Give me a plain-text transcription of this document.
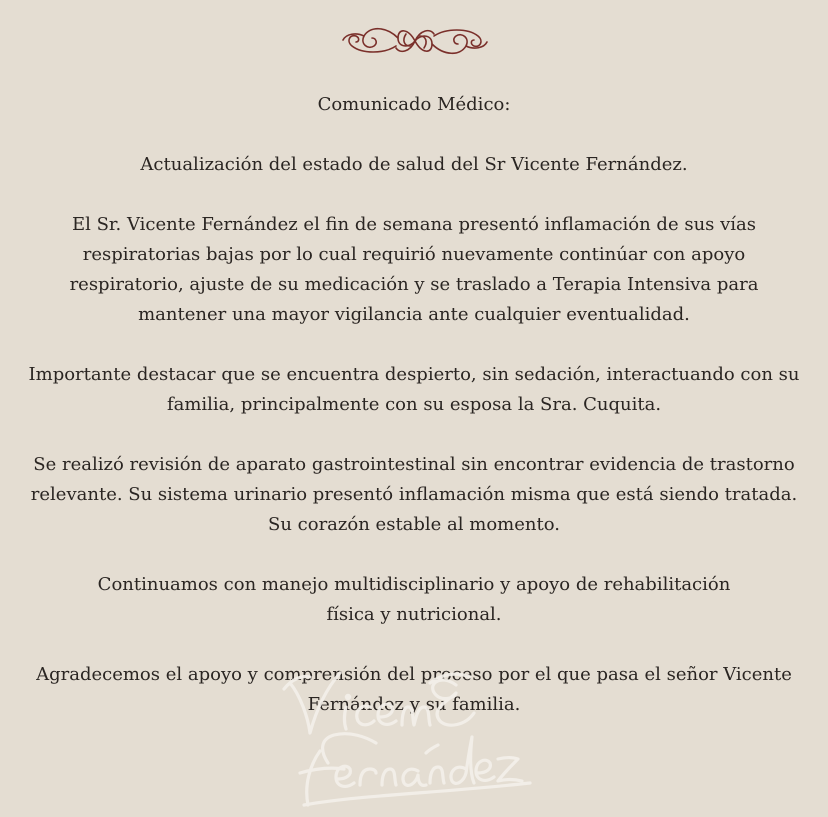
Comunicado Médico:

Actualización del estado de salud del Sr Vicente Fernández.

El Sr. Vicente Fernández el fin de semana presentó inflamación de sus vías
respiratorias bajas por lo cual requirió nuevamente continúar con apoyo
respiratorio, ajuste de su medicación y se traslado a Terapia Intensiva para
mantener una mayor vigilancia ante cualquier eventualidad.

Importante destacar que se encuentra despierto, sin sedación, interactuando con su
familia, principalmente con su esposa la Sra. Cuquita.

Se realizó revisión de aparato gastrointestinal sin encontrar evidencia de trastorno
relevante. Su sistema urinario presentó inflamación misma que está siendo tratada.
Su corazón estable al momento.

Continuamos con manejo multidisciplinario y apoyo de rehabilitación
física y nutricional.

Agradecemos el apoyo y comprensión del proceso por el que pasa el señor Vicente
Fernández y su familia.
